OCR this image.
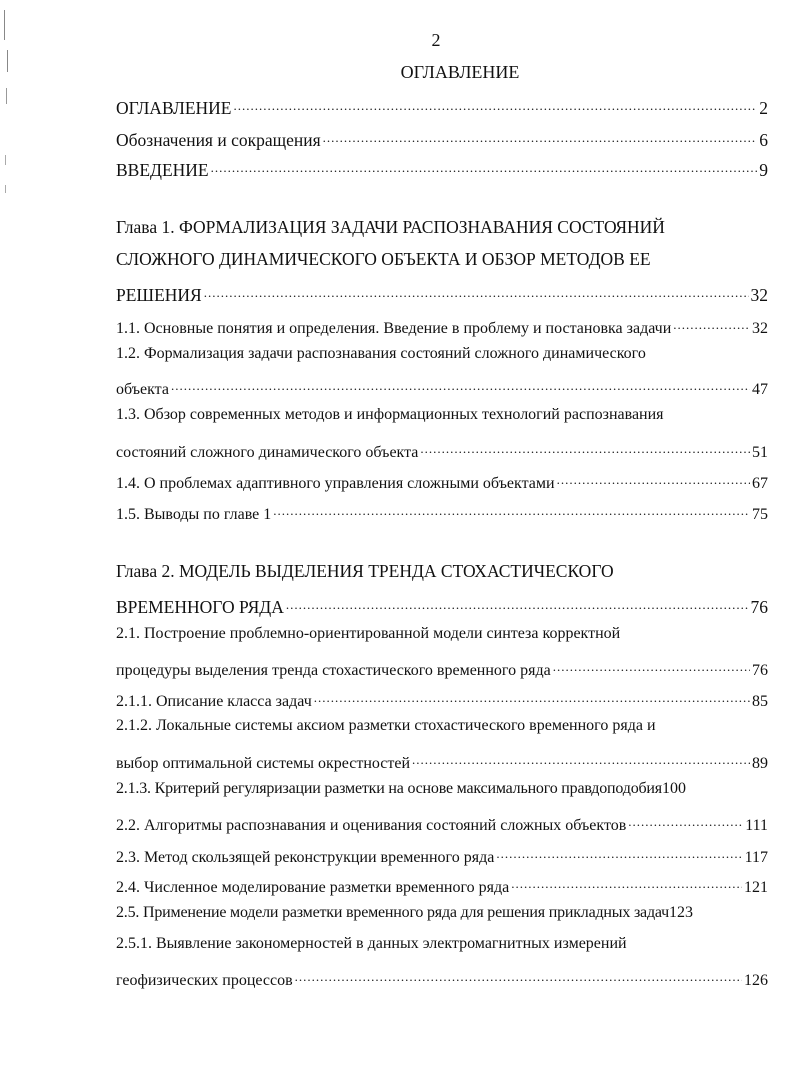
2
ОГЛАВЛЕНИЕ
ОГЛАВЛЕНИЕ .....	2
Обозначения и сокращения .....	6
ВВЕДЕНИЕ .....	9
Глава 1. ФОРМАЛИЗАЦИЯ ЗАДАЧИ РАСПОЗНАВАНИЯ СОСТОЯНИЙ
СЛОЖНОГО ДИНАМИЧЕСКОГО ОБЪЕКТА И ОБЗОР МЕТОДОВ ЕЕ
РЕШЕНИЯ .....	32
1.1. Основные понятия и определения. Введение в проблему и постановка задачи .....	32
1.2. Формализация задачи распознавания состояний сложного динамического
объекта .....	47
1.3. Обзор современных методов и информационных технологий распознавания
состояний сложного динамического объекта .....	51
1.4. О проблемах адаптивного управления сложными объектами .....	67
1.5. Выводы по главе 1 .....	75
Глава 2. МОДЕЛЬ ВЫДЕЛЕНИЯ ТРЕНДА СТОХАСТИЧЕСКОГО
ВРЕМЕННОГО РЯДА .....	76
2.1. Построение проблемно-ориентированной модели синтеза корректной
процедуры выделения тренда стохастического временного ряда .....	76
2.1.1. Описание класса задач .....	85
2.1.2. Локальные системы аксиом разметки стохастического временного ряда и
выбор оптимальной системы окрестностей .....	89
2.1.3. Критерий регуляризации разметки на основе максимального правдоподобия 100
2.2. Алгоритмы распознавания и оценивания состояний сложных объектов .....	111
2.3. Метод скользящей реконструкции временного ряда .....	117
2.4. Численное моделирование разметки временного ряда .....	121
2.5. Применение модели разметки временного ряда для решения прикладных задач 123
2.5.1. Выявление закономерностей в данных электромагнитных измерений
геофизических процессов .....	126
